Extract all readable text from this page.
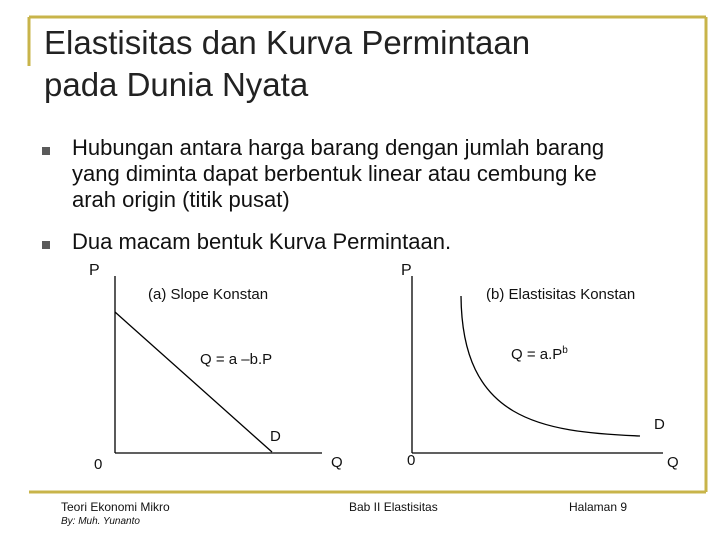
Elastisitas dan Kurva Permintaan
pada Dunia Nyata
Hubungan antara harga barang dengan jumlah barang yang diminta dapat berbentuk linear atau cembung ke arah origin (titik pusat)
Dua macam bentuk Kurva Permintaan.
P
(a) Slope Konstan
Q = a –b.P
D
0	Q
P
(b) Elastisitas Konstan
$Q = a.P^b$
D
0	Q
Teori Ekonomi Mikro
By: Muh. Yunanto
Bab II Elastisitas	Halaman 9
